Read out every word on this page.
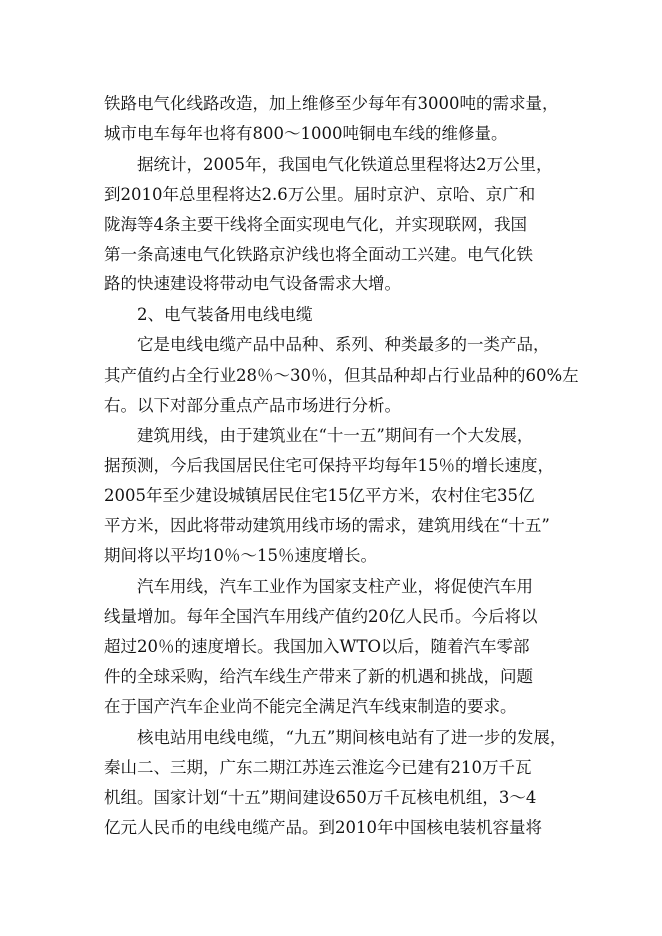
铁路电气化线路改造，加上维修至少每年有3000吨的需求量，
城市电车每年也将有800～1000吨铜电车线的维修量。
据统计，2005年，我国电气化铁道总里程将达2万公里，
到2010年总里程将达2.6万公里。届时京沪、京哈、京广和
陇海等4条主要干线将全面实现电气化，并实现联网，我国
第一条高速电气化铁路京沪线也将全面动工兴建。电气化铁
路的快速建设将带动电气设备需求大增。
2、电气装备用电线电缆
它是电线电缆产品中品种、系列、种类最多的一类产品，
其产值约占全行业28％～30％，但其品种却占行业品种的60%左
右。以下对部分重点产品市场进行分析。
建筑用线，由于建筑业在“十一五”期间有一个大发展，
据预测，今后我国居民住宅可保持平均每年15％的增长速度，
2005年至少建设城镇居民住宅15亿平方米，农村住宅35亿
平方米，因此将带动建筑用线市场的需求，建筑用线在“十五”
期间将以平均10％～15％速度增长。
汽车用线，汽车工业作为国家支柱产业，将促使汽车用
线量增加。每年全国汽车用线产值约20亿人民币。今后将以
超过20％的速度增长。我国加入WTO以后，随着汽车零部
件的全球采购，给汽车线生产带来了新的机遇和挑战，问题
在于国产汽车企业尚不能完全满足汽车线束制造的要求。
核电站用电线电缆，“九五”期间核电站有了进一步的发展，
秦山二、三期，广东二期江苏连云淮迄今已建有210万千瓦
机组。国家计划“十五”期间建设650万千瓦核电机组，3～4
亿元人民币的电线电缆产品。到2010年中国核电装机容量将
